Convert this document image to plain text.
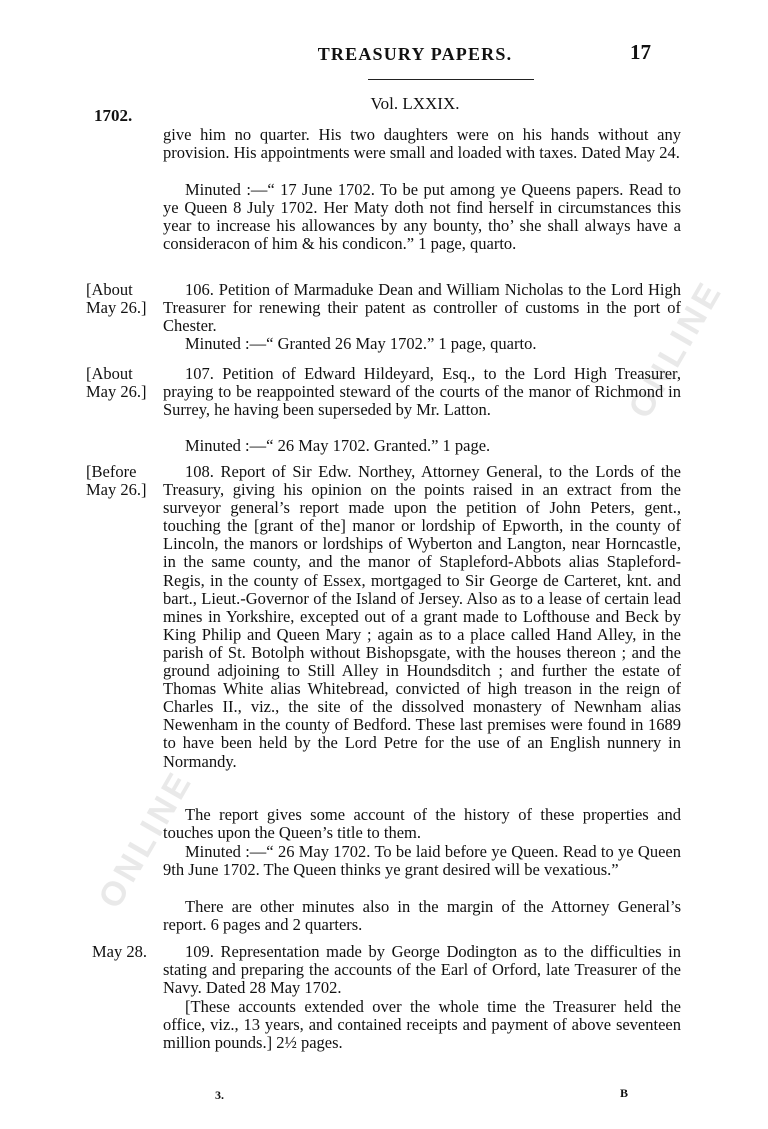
ONLINE
ONLINE
TREASURY PAPERS.	17
Vol. LXXIX.
1702.

give him no quarter. His two daughters were on his hands without any provision. His appointments were small and loaded with taxes. Dated May 24.

Minuted :—“ 17 June 1702. To be put among ye Queens papers. Read to ye Queen 8 July 1702. Her Maty doth not find herself in circumstances this year to increase his allowances by any bounty, tho’ she shall always have a consideracon of him & his condicon.” 1 page, quarto.

[About May 26.]

106. Petition of Marmaduke Dean and William Nicholas to the Lord High Treasurer for renewing their patent as controller of customs in the port of Chester.

Minuted :—“ Granted 26 May 1702.” 1 page, quarto.

[About May 26.]

107. Petition of Edward Hildeyard, Esq., to the Lord High Treasurer, praying to be reappointed steward of the courts of the manor of Richmond in Surrey, he having been superseded by Mr. Latton.

Minuted :—“ 26 May 1702. Granted.” 1 page.

[Before May 26.]

108. Report of Sir Edw. Northey, Attorney General, to the Lords of the Treasury, giving his opinion on the points raised in an extract from the surveyor general’s report made upon the petition of John Peters, gent., touching the [grant of the] manor or lordship of Epworth, in the county of Lincoln, the manors or lordships of Wyberton and Langton, near Horncastle, in the same county, and the manor of Stapleford-Abbots alias Stapleford-Regis, in the county of Essex, mortgaged to Sir George de Carteret, knt. and bart., Lieut.-Governor of the Island of Jersey. Also as to a lease of certain lead mines in Yorkshire, excepted out of a grant made to Lofthouse and Beck by King Philip and Queen Mary ; again as to a place called Hand Alley, in the parish of St. Botolph without Bishopsgate, with the houses thereon ; and the ground adjoining to Still Alley in Houndsditch ; and further the estate of Thomas White alias Whitebread, convicted of high treason in the reign of Charles II., viz., the site of the dissolved monastery of Newnham alias Newenham in the county of Bedford. These last premises were found in 1689 to have been held by the Lord Petre for the use of an English nunnery in Normandy.

The report gives some account of the history of these properties and touches upon the Queen’s title to them.

Minuted :—“ 26 May 1702. To be laid before ye Queen. Read to ye Queen 9th June 1702. The Queen thinks ye grant desired will be vexatious.”

There are other minutes also in the margin of the Attorney General’s report. 6 pages and 2 quarters.

May 28.	109. Representation made by George Dodington as to the difficulties in stating and preparing the accounts of the Earl of Orford, late Treasurer of the Navy. Dated 28 May 1702.

[These accounts extended over the whole time the Treasurer held the office, viz., 13 years, and contained receipts and payment of above seventeen million pounds.] 2½ pages.

3.	B
